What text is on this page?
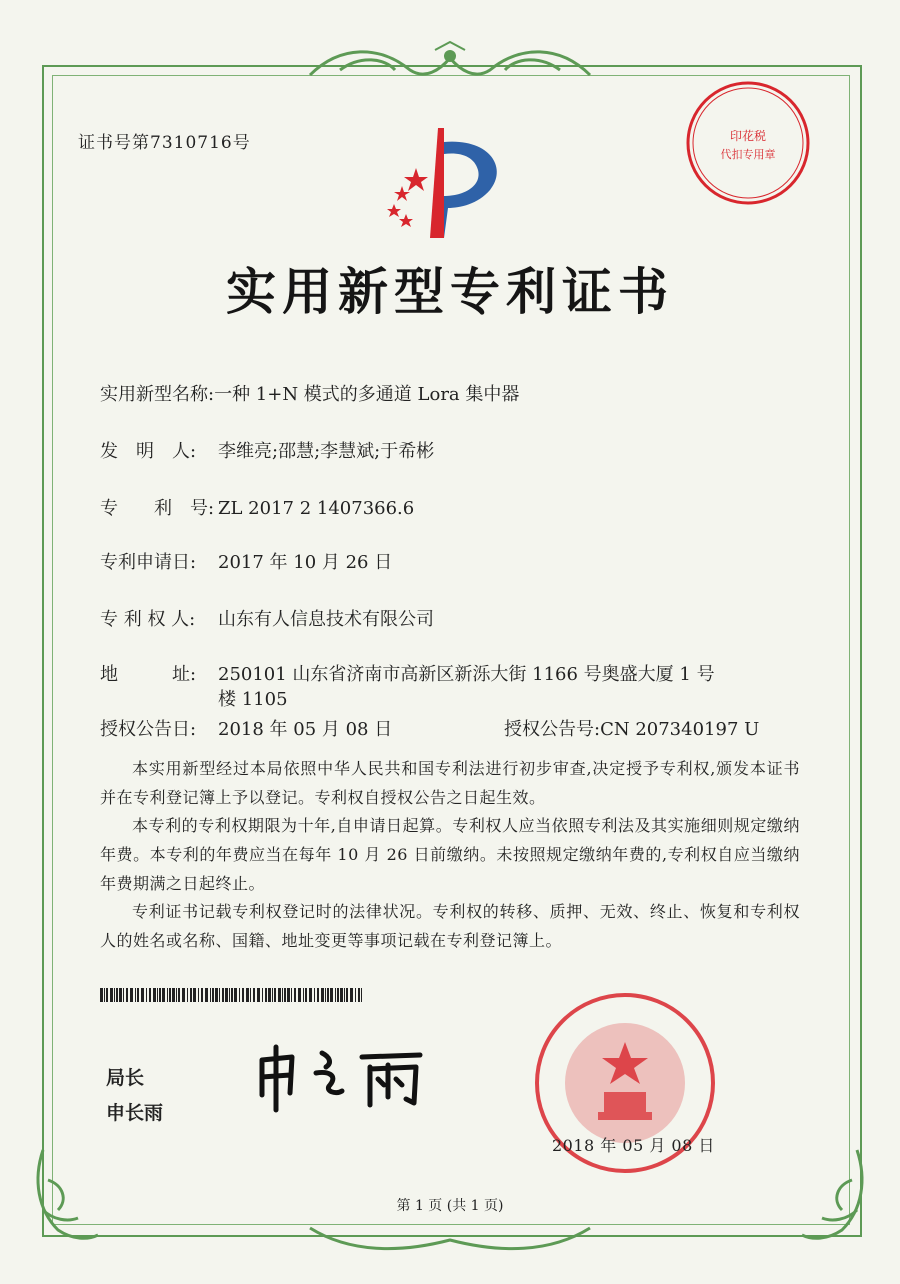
证书号第7310716号	印花税
代扣专用章
实用新型专利证书
实用新型名称:一种 1+N 模式的多通道 Lora 集中器
发　明　人: 李维亮;邵慧;李慧斌;于希彬
专　　利　号: ZL 2017 2 1407366.6
专利申请日: 2017 年 10 月 26 日
专 利 权 人: 山东有人信息技术有限公司
地　　　址: 250101 山东省济南市高新区新泺大街 1166 号奥盛大厦 1 号
楼 1105
授权公告日: 2018 年 05 月 08 日	授权公告号:CN 207340197 U
本实用新型经过本局依照中华人民共和国专利法进行初步审查,决定授予专利权,颁发本证书并在专利登记簿上予以登记。专利权自授权公告之日起生效。
本专利的专利权期限为十年,自申请日起算。专利权人应当依照专利法及其实施细则规定缴纳年费。本专利的年费应当在每年 10 月 26 日前缴纳。未按照规定缴纳年费的,专利权自应当缴纳年费期满之日起终止。
专利证书记载专利权登记时的法律状况。专利权的转移、质押、无效、终止、恢复和专利权人的姓名或名称、国籍、地址变更等事项记载在专利登记簿上。
局长
申长雨
2018 年 05 月 08 日
第 1 页 (共 1 页)
